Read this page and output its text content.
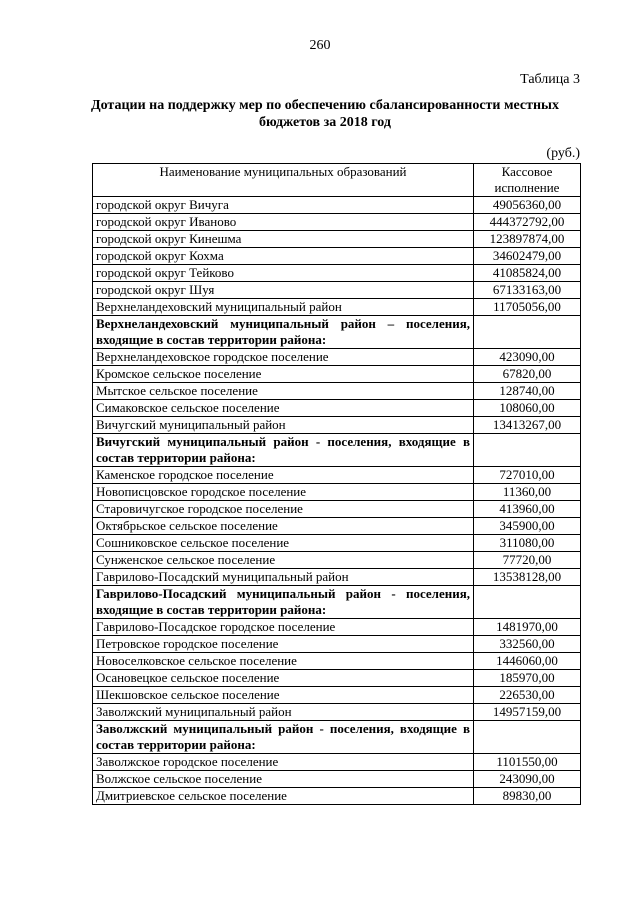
260
Таблица 3
Дотации на поддержку мер по обеспечению сбалансированности местных бюджетов за 2018 год
(руб.)
Наименование муниципальных образований	Кассовое исполнение
городской округ Вичуга	49056360,00
городской округ Иваново	444372792,00
городской округ Кинешма	123897874,00
городской округ Кохма	34602479,00
городской округ Тейково	41085824,00
городской округ Шуя	67133163,00
Верхнеландеховский муниципальный район	11705056,00
Верхнеландеховский муниципальный район – поселения, входящие в состав территории района:	
Верхнеландеховское городское поселение	423090,00
Кромское сельское поселение	67820,00
Мытское сельское поселение	128740,00
Симаковское сельское поселение	108060,00
Вичугский муниципальный район	13413267,00
Вичугский муниципальный район - поселения, входящие в состав территории района:	
Каменское городское поселение	727010,00
Новописцовское городское поселение	11360,00
Старовичугское городское поселение	413960,00
Октябрьское сельское поселение	345900,00
Сошниковское сельское поселение	311080,00
Сунженское сельское поселение	77720,00
Гаврилово-Посадский муниципальный район	13538128,00
Гаврилово-Посадский муниципальный район - поселения, входящие в состав территории района:	
Гаврилово-Посадское городское поселение	1481970,00
Петровское городское поселение	332560,00
Новоселковское сельское поселение	1446060,00
Осановецкое сельское поселение	185970,00
Шекшовское сельское поселение	226530,00
Заволжский муниципальный район	14957159,00
Заволжский муниципальный район - поселения, входящие в состав территории района:	
Заволжское городское поселение	1101550,00
Волжское сельское поселение	243090,00
Дмитриевское сельское поселение	89830,00
